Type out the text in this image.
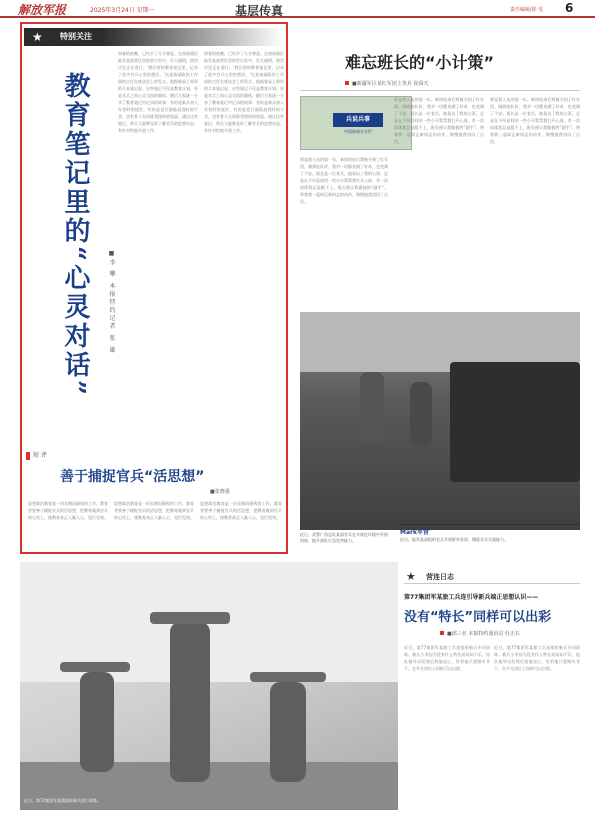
解放军报	2025年3月24日 星期一	基层传真	责任编辑/徐 雯 6
★ 特别关注
教育笔记里的“心灵对话”	■李 攀 本报特约记者 张 雄
初春的夜晚，已经夕了几分寒意。在南部战区陆军某部营区里的会议室中，灯火通明，热烈讨论正在进行。‘我们营的教育笔记里，记录了很多官兵心里的想法。’这是该部政治工作部的主任在座谈会上的发言。他指着桌上厚厚的几本笔记说，这些笔记不仅是教育计划，更是官兵之间心灵交流的载体。随后大家逐一分享了教育笔记中记录的故事：有的是新兵初入军营时的迷茫，有的是老兵面临退役时的不舍，也有骨干在训练受挫时的焦虑。通过这些笔记，带兵人能够及时了解官兵的思想动态，有针对性地开展工作。
初春的夜晚，已经夕了几分寒意。在南部战区陆军某部营区里的会议室中，灯火通明，热烈讨论正在进行。‘我们营的教育笔记里，记录了很多官兵心里的想法。’这是该部政治工作部的主任在座谈会上的发言。他指着桌上厚厚的几本笔记说，这些笔记不仅是教育计划，更是官兵之间心灵交流的载体。随后大家逐一分享了教育笔记中记录的故事：有的是新兵初入军营时的迷茫，有的是老兵面临退役时的不舍，也有骨干在训练受挫时的焦虑。通过这些笔记，带兵人能够及时了解官兵的思想动态，有针对性地开展工作。
短 评
善于捕捉官兵“活思想”
■张晓强
思想政治教育是一项长期而细致的工作。教育者要善于捕捉官兵的活思想，把教育做到官兵的心坎上，使教育真正入脑入心，见行见效。
思想政治教育是一项长期而细致的工作。教育者要善于捕捉官兵的活思想，把教育做到官兵的心坎上，使教育真正入脑入心，见行见效。
思想政治教育是一项长期而细致的工作。教育者要善于捕捉官兵的活思想，把教育做到官兵的心坎上，使教育真正入脑入心，见行见效。
难忘班长的“小计策”
■新疆军区某红军团上等兵 崔舜天
兵说兵事
中国新闻名专栏
那是我入伍的第一年，新训结束后我被分到了红军团。刚到连队时，我对一切都充满了好奇，也充满了不安。班长是一位老兵，他看出了我的心事，总是在不经意间用一些小计策帮我打开心扉。有一次训练我总是跟不上，班长便让我做他的“副手”，带着我一起纠正新同志的动作，慢慢地我找回了自信。
那是我入伍的第一年，新训结束后我被分到了红军团。刚到连队时，我对一切都充满了好奇，也充满了不安。班长是一位老兵，他看出了我的心事，总是在不经意间用一些小计策帮我打开心扉。有一次训练我总是跟不上，班长便让我做他的“副手”，带着我一起纠正新同志的动作，慢慢地我找回了自信。
那是我入伍的第一年，新训结束后我被分到了红军团。刚到连队时，我对一切都充满了好奇，也充满了不安。班长是一位老兵，他看出了我的心事，总是在不经意间用一些小计策帮我打开心扉。有一次训练我总是跟不上，班长便让我做他的“副手”，带着我一起纠正新同志的动作，慢慢地我找回了自信。
近日，武警广西总队某部官兵在实战化环境中开展训练，提升部队应急处突能力。
Mark军营
近日，陆军某部组织官兵开展野外驻训，锤炼官兵实战能力。
近日，第72集团军某旅组织新兵进行训练。
★ 营连日志
第77集团军某旅工兵连引导新兵端正思想认识——
没有“特长”同样可以出彩
■邱三名 本报特约通讯员 杜正石
近日，第77集团军某旅工兵连组织新兵专项训练。新兵小李因为没有什么特长而闷闷不乐，连队指导员发现后找他谈心，告诉他只要踏实肯干，在平凡岗位上同样可以出彩。
近日，第77集团军某旅工兵连组织新兵专项训练。新兵小李因为没有什么特长而闷闷不乐，连队指导员发现后找他谈心，告诉他只要踏实肯干，在平凡岗位上同样可以出彩。
